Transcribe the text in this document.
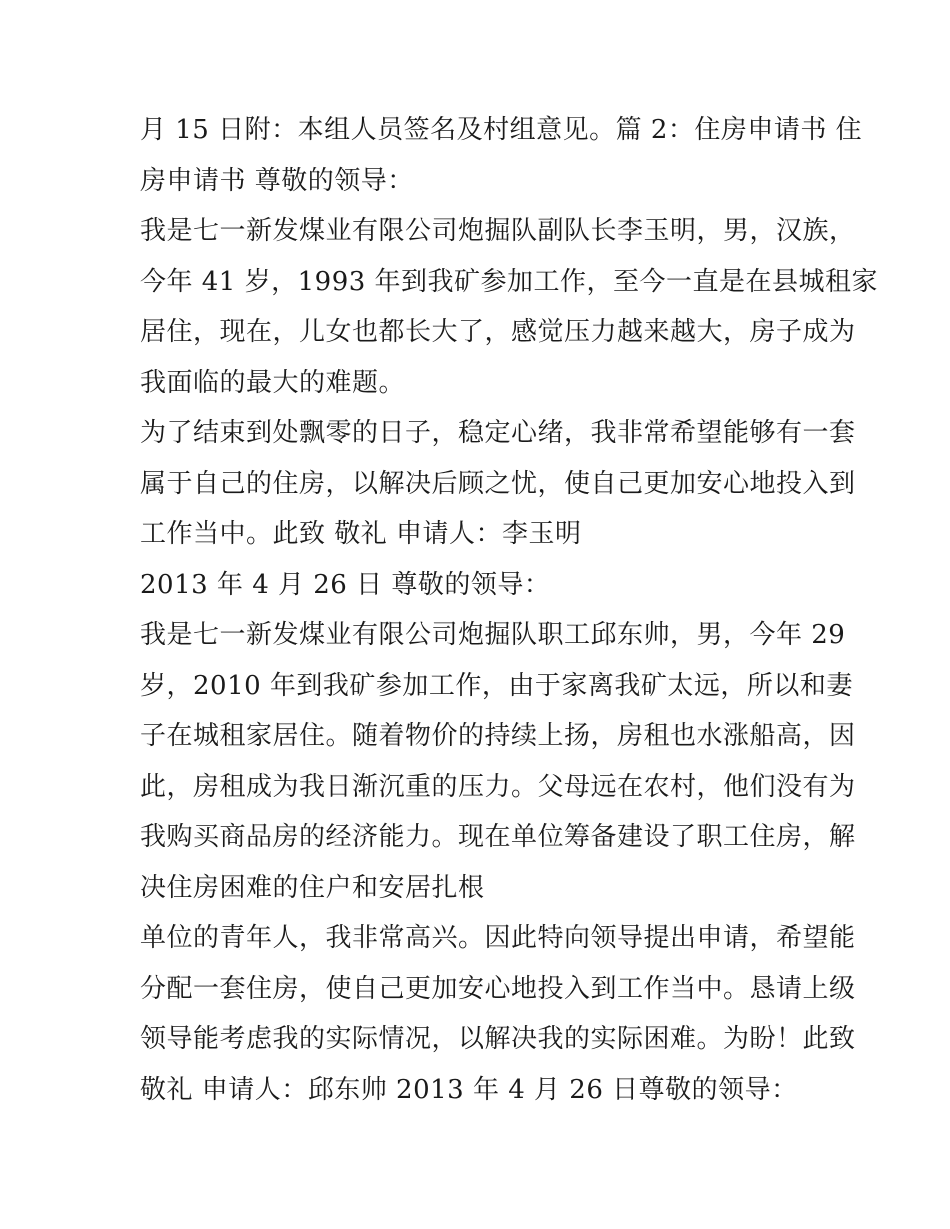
月 15 日附：本组人员签名及村组意见。篇 2：住房申请书 住
房申请书 尊敬的领导：
我是七一新发煤业有限公司炮掘队副队长李玉明，男，汉族，
今年 41 岁，1993 年到我矿参加工作，至今一直是在县城租家
居住，现在，儿女也都长大了，感觉压力越来越大，房子成为
我面临的最大的难题。
为了结束到处飘零的日子，稳定心绪，我非常希望能够有一套
属于自己的住房，以解决后顾之忧，使自己更加安心地投入到
工作当中。此致 敬礼 申请人：李玉明
2013 年 4 月 26 日 尊敬的领导：
我是七一新发煤业有限公司炮掘队职工邱东帅，男，今年 29
岁，2010 年到我矿参加工作，由于家离我矿太远，所以和妻
子在城租家居住。随着物价的持续上扬，房租也水涨船高，因
此，房租成为我日渐沉重的压力。父母远在农村，他们没有为
我购买商品房的经济能力。现在单位筹备建设了职工住房，解
决住房困难的住户和安居扎根
单位的青年人，我非常高兴。因此特向领导提出申请，希望能
分配一套住房，使自己更加安心地投入到工作当中。恳请上级
领导能考虑我的实际情况，以解决我的实际困难。为盼！此致
敬礼 申请人：邱东帅 2013 年 4 月 26 日尊敬的领导：
